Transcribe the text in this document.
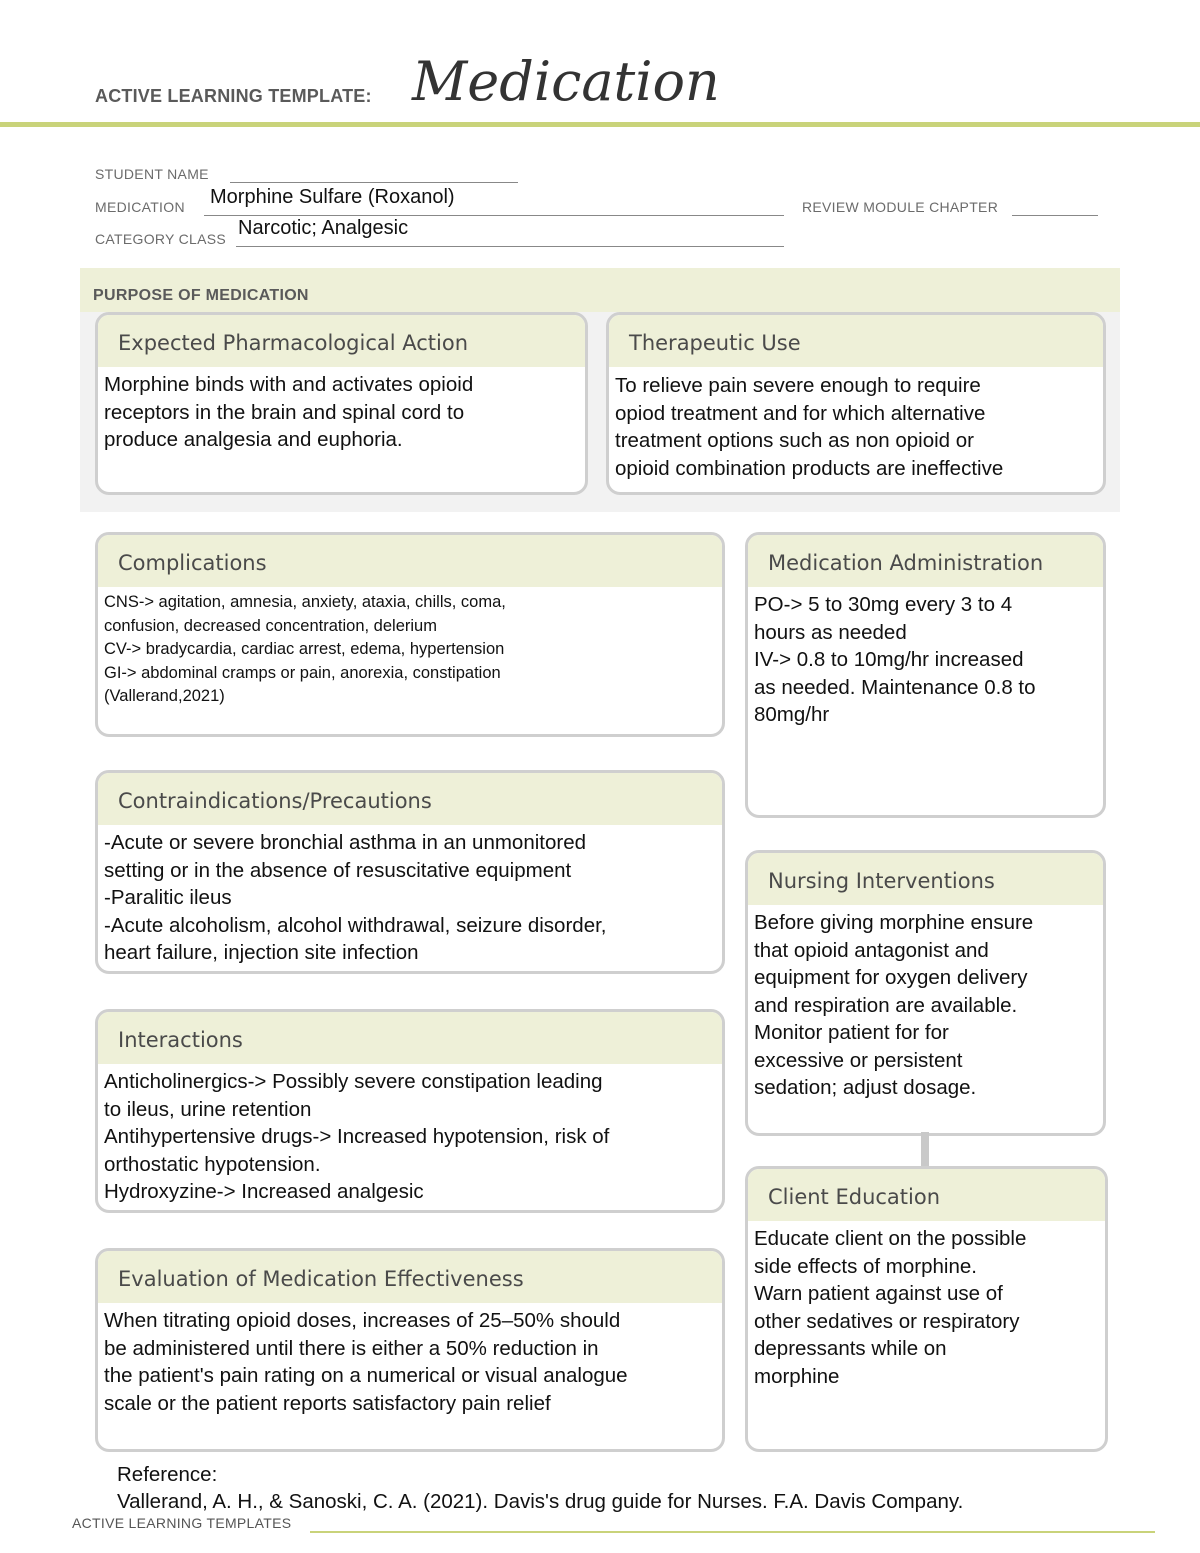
ACTIVE LEARNING TEMPLATE: Medication
STUDENT NAME
MEDICATION Morphine Sulfare (Roxanol)	REVIEW MODULE CHAPTER
CATEGORY CLASS Narcotic; Analgesic
PURPOSE OF MEDICATION
Expected Pharmacological Action
Morphine binds with and activates opioid
receptors in the brain and spinal cord to
produce analgesia and euphoria.
Therapeutic Use
To relieve pain severe enough to require
opiod treatment and for which alternative
treatment options such as non opioid or
opioid combination products are ineffective
Complications
CNS-> agitation, amnesia, anxiety, ataxia, chills, coma,
confusion, decreased concentration, delerium
CV-> bradycardia, cardiac arrest, edema, hypertension
GI-> abdominal cramps or pain, anorexia, constipation
(Vallerand,2021)
Medication Administration
PO-> 5 to 30mg every 3 to 4
hours as needed
IV-> 0.8 to 10mg/hr increased
as needed. Maintenance 0.8 to
80mg/hr
Contraindications/Precautions
-Acute or severe bronchial asthma in an unmonitored
setting or in the absence of resuscitative equipment
-Paralitic ileus
-Acute alcoholism, alcohol withdrawal, seizure disorder,
heart failure, injection site infection
Nursing Interventions
Before giving morphine ensure
that opioid antagonist and
equipment for oxygen delivery
and respiration are available.
Monitor patient for for
excessive or persistent
sedation; adjust dosage.
Interactions
Anticholinergics-> Possibly severe constipation leading
to ileus, urine retention
Antihypertensive drugs-> Increased hypotension, risk of
orthostatic hypotension.
Hydroxyzine-> Increased analgesic	Client Education
Educate client on the possible
side effects of morphine.
Warn patient against use of
other sedatives or respiratory
depressants while on
morphine
Evaluation of Medication Effectiveness
When titrating opioid doses, increases of 25–50% should
be administered until there is either a 50% reduction in
the patient's pain rating on a numerical or visual analogue
scale or the patient reports satisfactory pain relief
Reference:
Vallerand, A. H., & Sanoski, C. A. (2021). Davis's drug guide for Nurses. F.A. Davis Company.
ACTIVE LEARNING TEMPLATES
